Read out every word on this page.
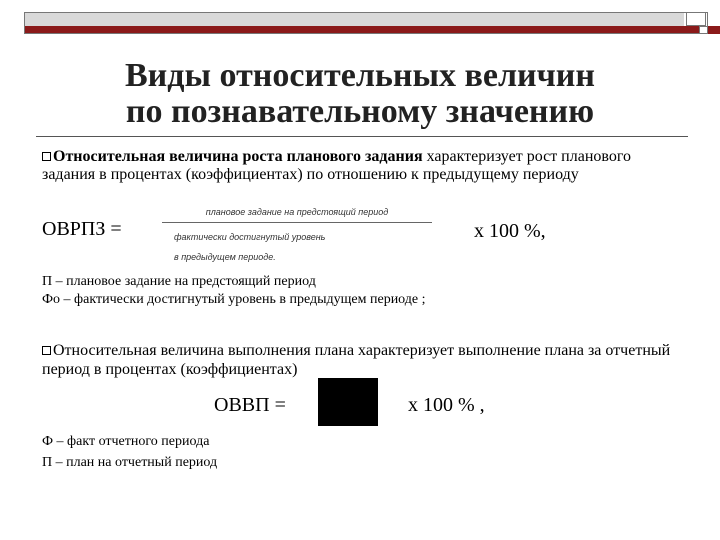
Виды относительных величин
по познавательному значению
Относительная величина роста планового задания характеризует рост планового задания в процентах (коэффициентах) по отношению к предыдущему периоду
ОВРПЗ =
плановое задание на предстоящий период
фактически достигнутый уровень
в предыдущем периоде.
х 100 %,
П – плановое задание на предстоящий период
Фо – фактически достигнутый уровень в предыдущем периоде ;
Относительная величина выполнения плана характеризует выполнение плана за отчетный период в процентах (коэффициентах)
ОВВП =	х 100 % ,
Ф – факт отчетного периода
П – план на отчетный период
